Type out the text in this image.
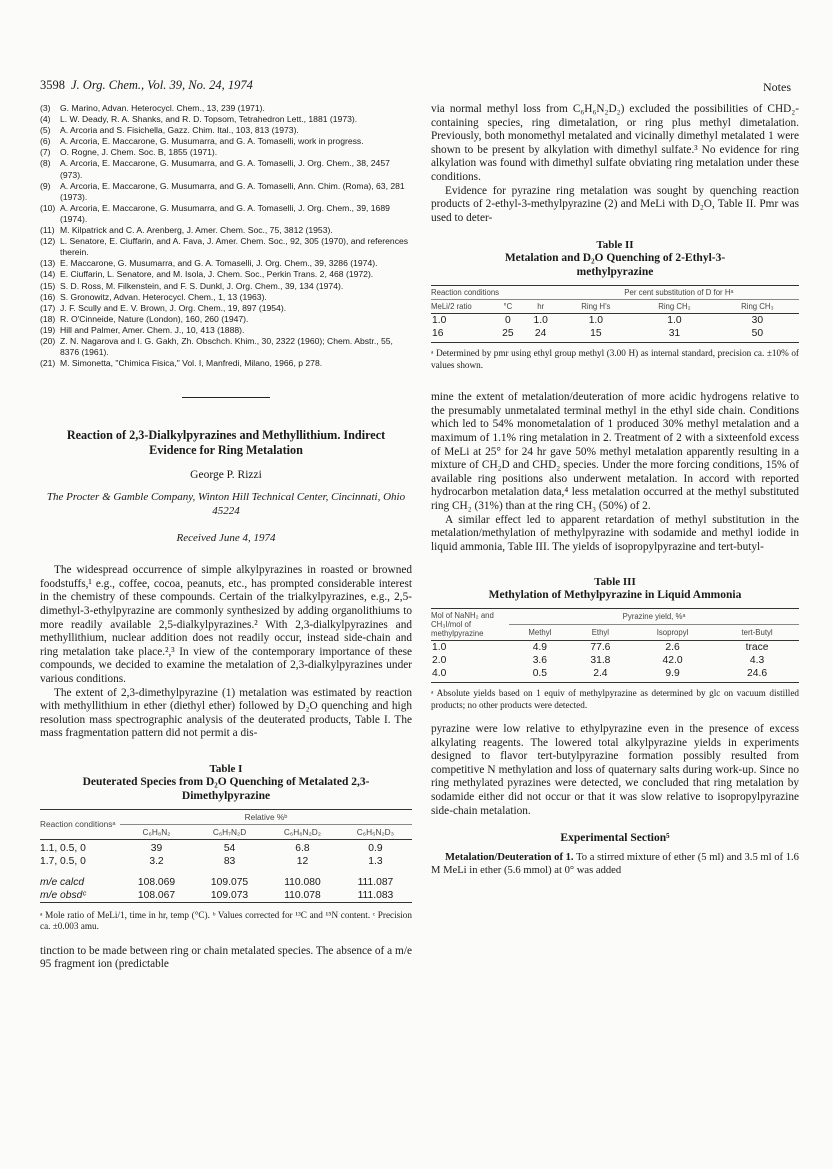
3598 J. Org. Chem., Vol. 39, No. 24, 1974	Notes
(3)	G. Marino, Advan. Heterocycl. Chem., 13, 239 (1971).
(4)	L. W. Deady, R. A. Shanks, and R. D. Topsom, Tetrahedron Lett., 1881 (1973).
(5)	A. Arcoria and S. Fisichella, Gazz. Chim. Ital., 103, 813 (1973).
(6)	A. Arcoria, E. Maccarone, G. Musumarra, and G. A. Tomaselli, work in progress.
(7)	O. Rogne, J. Chem. Soc. B, 1855 (1971).
(8)	A. Arcoria, E. Maccarone, G. Musumarra, and G. A. Tomaselli, J. Org. Chem., 38, 2457 (973).
(9)	A. Arcoria, E. Maccarone, G. Musumarra, and G. A. Tomaselli, Ann. Chim. (Roma), 63, 281 (1973).
(10) A. Arcoria, E. Maccarone, G. Musumarra, and G. A. Tomaselli, J. Org. Chem., 39, 1689 (1974).
(11) M. Kilpatrick and C. A. Arenberg, J. Amer. Chem. Soc., 75, 3812 (1953).
(12) L. Senatore, E. Ciuffarin, and A. Fava, J. Amer. Chem. Soc., 92, 305 (1970), and references therein.
(13) E. Maccarone, G. Musumarra, and G. A. Tomaselli, J. Org. Chem., 39, 3286 (1974).
(14) E. Ciuffarin, L. Senatore, and M. Isola, J. Chem. Soc., Perkin Trans. 2, 468 (1972).
(15) S. D. Ross, M. Filkenstein, and F. S. Dunkl, J. Org. Chem., 39, 134 (1974).
(16) S. Gronowitz, Advan. Heterocycl. Chem., 1, 13 (1963).
(17) J. F. Scully and E. V. Brown, J. Org. Chem., 19, 897 (1954).
(18) R. O'Cinneide, Nature (London), 160, 260 (1947).
(19) Hill and Palmer, Amer. Chem. J., 10, 413 (1888).
(20) Z. N. Nagarova and I. G. Gakh, Zh. Obschch. Khim., 30, 2322 (1960); Chem. Abstr., 55, 8376 (1961).
(21) M. Simonetta, "Chimica Fisica," Vol. I, Manfredi, Milano, 1966, p 278.
Reaction of 2,3-Dialkylpyrazines and Methyllithium. Indirect Evidence for Ring Metalation
George P. Rizzi
The Procter & Gamble Company, Winton Hill Technical Center, Cincinnati, Ohio 45224
Received June 4, 1974

The widespread occurrence of simple alkylpyrazines in roasted or browned foodstuffs,¹ e.g., coffee, cocoa, peanuts, etc., has prompted considerable interest in the chemistry of these compounds. Certain of the trialkylpyrazines, e.g., 2,5-dimethyl-3-ethylpyrazine are commonly synthesized by adding organolithiums to more readily available 2,5-dialkylpyrazines.² With 2,3-dialkylpyrazines and methyllithium, nuclear addition does not readily occur, instead side-chain and ring metalation take place.²,³ In view of the contemporary importance of these compounds, we decided to examine the metalation of 2,3-dialkylpyrazines under various conditions.

The extent of 2,3-dimethylpyrazine (1) metalation was estimated by reaction with methyllithium in ether (diethyl ether) followed by D₂O quenching and high resolution mass spectrographic analysis of the deuterated products, Table I. The mass fragmentation pattern did not permit a dis-

Table I
Deuterated Species from D₂O Quenching of Metalated 2,3-Dimethylpyrazine
Reaction conditionsᵃ	Relative %ᵇ			
	C₆H₈N₂	C₆H₇N₂D	C₆H₆N₂D₂	C₆H₅N₂D₃

1.1, 0.5, 0	39	54	6.8	0.9
1.7, 0.5, 0	3.2	83	12	1.3

m/e calcd	108.069	109.075	110.080	111.087
m/e obsdᶜ	108.067	109.073	110.078	111.083

ᵃ Mole ratio of MeLi/1, time in hr, temp (°C). ᵇ Values corrected for ¹³C and ¹⁵N content. ᶜ Precision ca. ±0.003 amu.

tinction to be made between ring or chain metalated species. The absence of a m/e 95 fragment ion (predictable

via normal methyl loss from C₆H₆N₂D₂) excluded the possibilities of CHD₂-containing species, ring dimetalation, or ring plus methyl dimetalation. Previously, both monomethyl metalated and vicinally dimethyl metalated 1 were shown to be present by alkylation with dimethyl sulfate.³ No evidence for ring alkylation was found with dimethyl sulfate obviating ring metalation under these conditions.

Evidence for pyrazine ring metalation was sought by quenching reaction products of 2-ethyl-3-methylpyrazine (2) and MeLi with D₂O, Table II. Pmr was used to deter-

Table II
Metalation and D₂O Quenching of 2-Ethyl-3-methylpyrazine
Reaction conditions			Per cent substitution of D for Hᵃ		
MeLi/2 ratio	°C	hr	Ring H's	Ring CH₂	Ring CH₃
1.0	0	1.0	1.0	1.0	30
16	25	24	15	31	50

ᵃ Determined by pmr using ethyl group methyl (3.00 H) as internal standard, precision ca. ±10% of values shown.

mine the extent of metalation/deuteration of more acidic hydrogens relative to the presumably unmetalated terminal methyl in the ethyl side chain. Conditions which led to 54% monometalation of 1 produced 30% methyl metalation and a maximum of 1.1% ring metalation in 2. Treatment of 2 with a sixteenfold excess of MeLi at 25° for 24 hr gave 50% methyl metalation apparently resulting in a mixture of CH₂D and CHD₂ species. Under the more forcing conditions, 15% of available ring positions also underwent metalation. In accord with reported hydrocarbon metalation data,⁴ less metalation occurred at the methyl substituted ring CH₂ (31%) than at the ring CH₃ (50%) of 2.

A similar effect led to apparent retardation of methyl substitution in the metalation/methylation of methylpyrazine with sodamide and methyl iodide in liquid ammonia, Table III. The yields of isopropylpyrazine and tert-butyl-

Table III
Methylation of Methylpyrazine in Liquid Ammonia
Mol of NaNH₂ and CH₃I/mol of methylpyrazine	Pyrazine yield, %ᵃ			
	Methyl	Ethyl	Isopropyl	tert-Butyl
1.0	4.9	77.6	2.6	trace
2.0	3.6	31.8	42.0	4.3
4.0	0.5	2.4	9.9	24.6

ᵃ Absolute yields based on 1 equiv of methylpyrazine as determined by glc on vacuum distilled products; no other products were detected.

pyrazine were low relative to ethylpyrazine even in the presence of excess alkylating reagents. The lowered total alkylpyrazine yields in experiments designed to flavor tert-butylpyrazine formation possibly resulted from competitive N methylation and loss of quaternary salts during work-up. Since no ring methylated pyrazines were detected, we concluded that ring metalation by sodamide either did not occur or that it was slow relative to isopropylpyrazine side-chain metalation.

Experimental Section⁵

Metalation/Deuteration of 1. To a stirred mixture of ether (5 ml) and 3.5 ml of 1.6 M MeLi in ether (5.6 mmol) at 0° was added
